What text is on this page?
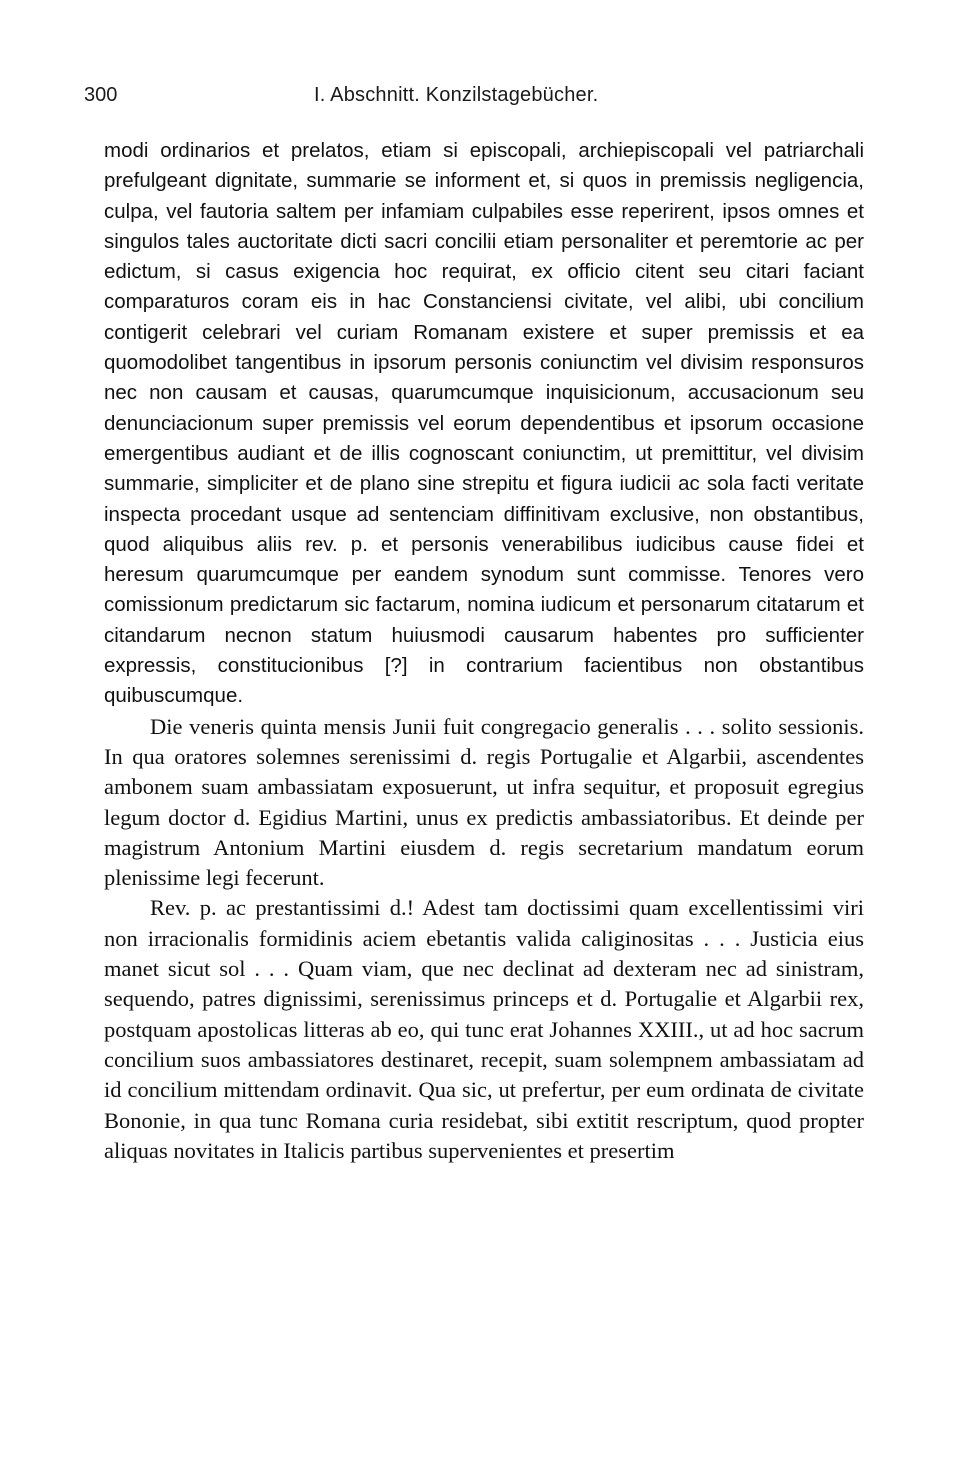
300	I. Abschnitt. Konzilstagebücher.

modi ordinarios et prelatos, etiam si episcopali, archiepiscopali vel patriarchali prefulgeant dignitate, summarie se informent et, si quos in premissis negligencia, culpa, vel fautoria saltem per infamiam culpabiles esse reperirent, ipsos omnes et singulos tales auctoritate dicti sacri concilii etiam personaliter et peremtorie ac per edictum, si casus exigencia hoc requirat, ex officio citent seu citari faciant comparaturos coram eis in hac Constanciensi civitate, vel alibi, ubi concilium contigerit celebrari vel curiam Romanam existere et super premissis et ea quomodolibet tangentibus in ipsorum personis coniunctim vel divisim responsuros nec non causam et causas, quarumcumque inquisicionum, accusacionum seu denunciacionum super premissis vel eorum dependentibus et ipsorum occasione emergentibus audiant et de illis cognoscant coniunctim, ut premittitur, vel divisim summarie, simpliciter et de plano sine strepitu et figura iudicii ac sola facti veritate inspecta procedant usque ad sentenciam diffinitivam exclusive, non obstantibus, quod aliquibus aliis rev. p. et personis venerabilibus iudicibus cause fidei et heresum quarumcumque per eandem synodum sunt commisse. Tenores vero comissionum predictarum sic factarum, nomina iudicum et personarum citatarum et citandarum necnon statum huiusmodi causarum habentes pro sufficienter expressis, constitucionibus [?] in contrarium facientibus non obstantibus quibuscumque.

Die veneris quinta mensis Junii fuit congregacio generalis . . . solito sessionis. In qua oratores solemnes serenissimi d. regis Portugalie et Algarbii, ascendentes ambonem suam ambassiatam exposuerunt, ut infra sequitur, et proposuit egregius legum doctor d. Egidius Martini, unus ex predictis ambassiatoribus. Et deinde per magistrum Antonium Martini eiusdem d. regis secretarium mandatum eorum plenissime legi fecerunt.

Rev. p. ac prestantissimi d.! Adest tam doctissimi quam excellentissimi viri non irracionalis formidinis aciem ebetantis valida caliginositas . . . Justicia eius manet sicut sol . . . Quam viam, que nec declinat ad dexteram nec ad sinistram, sequendo, patres dignissimi, serenissimus princeps et d. Portugalie et Algarbii rex, postquam apostolicas litteras ab eo, qui tunc erat Johannes XXIII., ut ad hoc sacrum concilium suos ambassiatores destinaret, recepit, suam solempnem ambassiatam ad id concilium mittendam ordinavit. Qua sic, ut prefertur, per eum ordinata de civitate Bononie, in qua tunc Romana curia residebat, sibi extitit rescriptum, quod propter aliquas novitates in Italicis partibus supervenientes et presertim
